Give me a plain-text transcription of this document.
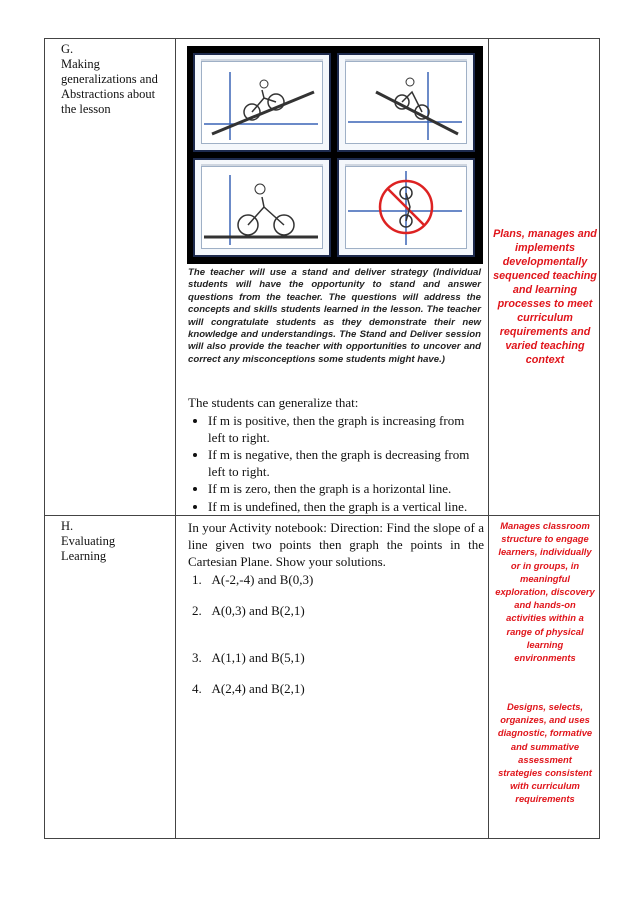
G.Making generalizations and Abstractions about the lesson
The teacher will use a stand and deliver strategy (Individual students will have the opportunity to stand and answer questions from the teacher. The questions will address the concepts and skills students learned in the lesson. The teacher will congratulate students as they demonstrate their new knowledge and understandings. The Stand and Deliver session will also provide the teacher with opportunities to uncover and correct any misconceptions some students might have.)
The students can generalize that:
• If m is positive, then the graph is increasing from left to right.
• If m is negative, then the graph is decreasing from left to right.
• If m is zero, then the graph is a horizontal line.
• If m is undefined, then the graph is a vertical line.
Plans, manages and implements developmentally sequenced teaching and learning processes to meet curriculum requirements and varied teaching context
H.Evaluating Learning
In your Activity notebook: Direction: Find the slope of a line given two points then graph the points in the Cartesian Plane. Show your solutions.
1.   A(-2,-4) and B(0,3)
2.   A(0,3) and B(2,1)
3.   A(1,1) and B(5,1)
4.   A(2,4) and B(2,1)
Manages classroom structure to engage learners, individually or in groups, in meaningful exploration, discovery and hands-on activities within a range of physical learning environments
Designs, selects, organizes, and uses diagnostic, formative and summative assessment strategies consistent with curriculum requirements
